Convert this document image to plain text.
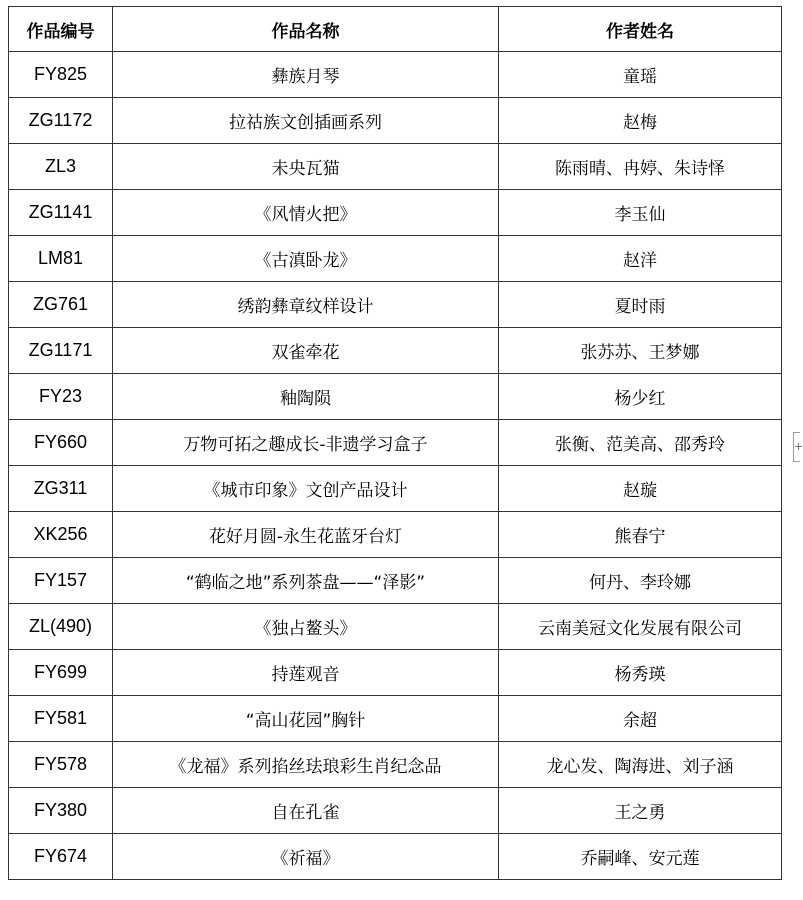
作品编号	作品名称	作者姓名
FY825	彝族月琴	童瑶
ZG1172	拉祜族文创插画系列	赵梅
ZL3	未央瓦猫	陈雨晴、冉婷、朱诗怿
ZG1141	《风情火把》	李玉仙
LM81	《古滇卧龙》	赵洋
ZG761	绣韵彝章纹样设计	夏时雨
ZG1171	双雀牵花	张苏苏、王梦娜
FY23	釉陶陨	杨少红
FY660	万物可拓之趣成长-非遗学习盒子	张衡、范美高、邵秀玲
ZG311	《城市印象》文创产品设计	赵璇
XK256	花好月圆-永生花蓝牙台灯	熊春宁
FY157	“鹤临之地”系列茶盘——“泽影”	何丹、李玲娜
ZL(490)	《独占鳌头》	云南美冠文化发展有限公司
FY699	持莲观音	杨秀瑛
FY581	“高山花园”胸针	余超
FY578	《龙福》系列掐丝珐琅彩生肖纪念品	龙心发、陶海进、刘子涵
FY380	自在孔雀	王之勇
FY674	《祈福》	乔嗣峰、安元莲
+
